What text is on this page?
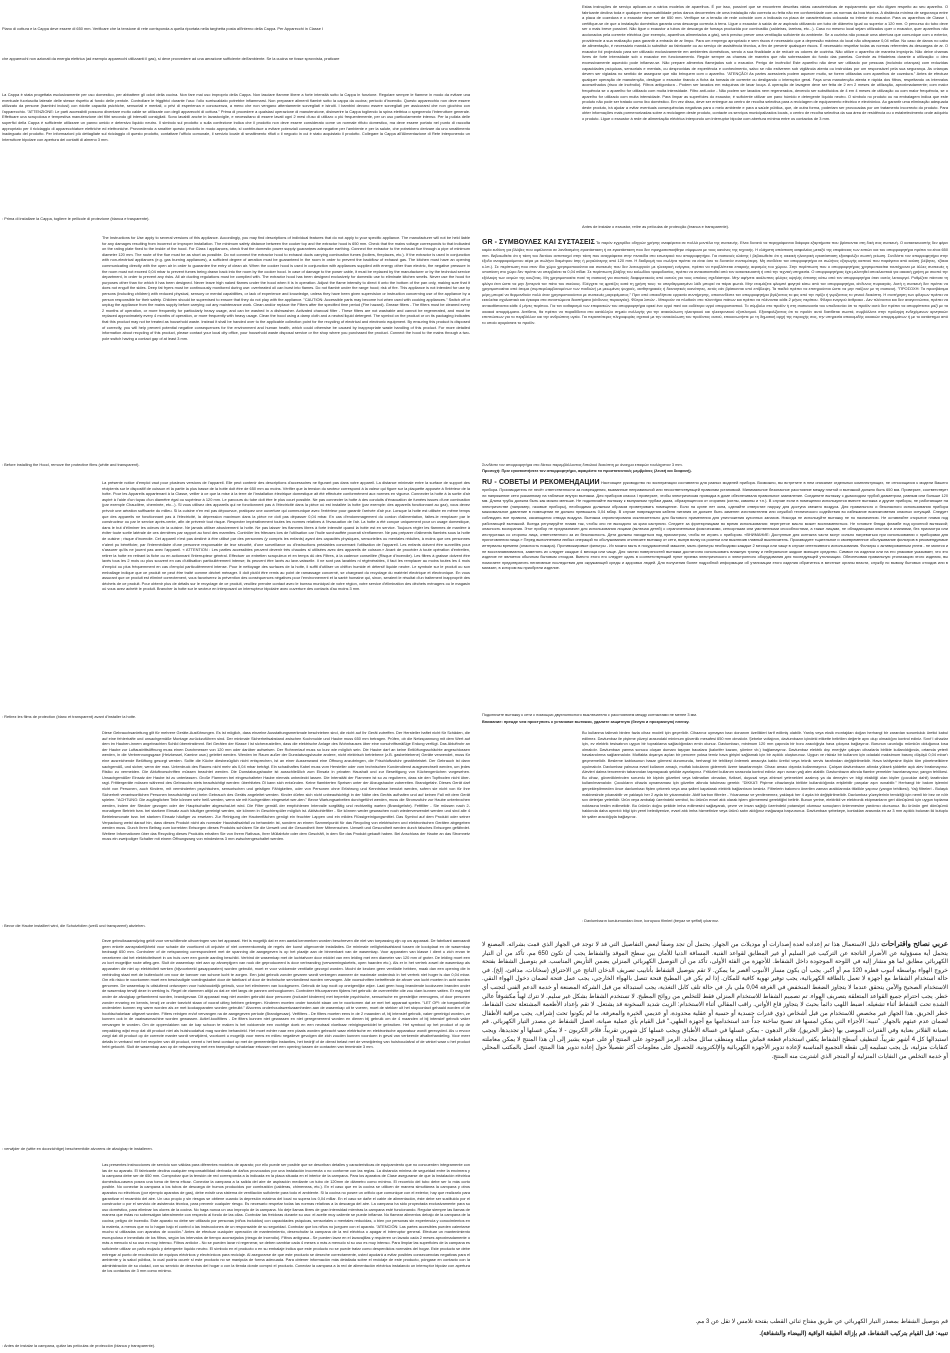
Piano di cottura e la Cappa deve essere di 650 mm. Verificare che la tensione di rete corrisponda a quella riportata nella targhetta posta all'interno della Cappa. Per Apparecchi in Classe I

che apparecchi non azionati da energia elettrica (ad esempio apparecchi utilizzanti il gas), si deve provvedere ad una aerazione sufficiente dell'ambiente. Se la cucina ne fosse sprovvista, praticare

La Cappa è stata progettata esclusivamente per uso domestico, per abbattere gli odori della cucina. Non fare mai uso improprio della Cappa. Non lasciare fiamme libere a forte intensità sotto la Cappa in funzione. Regolare sempre le fiamme in modo da evitare una eventuale fuoriuscita laterale delle stesse rispetto al fondo delle pentole. Controllare le friggitrici durante l'uso: l'olio surriscaldato potrebbe infiammarsi. Non preparare alimenti flambé sotto la cappa da cucina; pericolo d'incendio. Questo apparecchio non deve essere utilizzato da persone (bambini inclusi) con ridotte capacità psichiche, sensoriali e mentali, o privi di esperienza e conoscenza, a meno che non vengano attentamente sorvegliati e istruiti. I bambini devono essere sorvegliati per assicurarsi che non giochino con l'apparecchio. "ATTENZIONE: Le parti accessibili possono diventare molto calde se utilizzate con degli apparecchi di cottura." Prima di procedere a qualsiasi operazione di manutenzione, disinserire la Cappa togliendo la spina elettrica o spegnendo l'interruttore generale. Effettuare una scrupolosa e tempestiva manutenzione dei filtri secondo gli intervalli consigliati. Sono lavabili anche in lavastoviglie, e necessitano di essere lavati ogni 2 mesi d'uso di utilizzo o più frequentemente, per un uso particolarmente intenso. Per la pulizia delle superfici della Cappa è sufficiente utilizzare un panno umido e detersivo liquido neutro. Il simbolo sul prodotto o sulla confezione indica che il prodotto non deve essere considerato come un normale rifiuto domestico, ma deve essere portato nel punto di raccolta appropriato per il riciclaggio di apparecchiature elettriche ed elettroniche. Provvedendo a smaltire questo prodotto in modo appropriato, si contribuisce a evitare potenziali conseguenze negative per l'ambiente e per la salute, che potrebbero derivare da uno smaltimento inadeguato del prodotto. Per informazioni più dettagliate sul riciclaggio di questo prodotto, contattare l'ufficio comunale, il servizio locale di smaltimento rifiuti o il negozio in cui è stato acquistato il prodotto. Collegare la Cappa all'Alimentazione di Rete interponendo un Interruttore bipolare con apertura dei contatti di almeno 3 mm.

: Prima di installare la Cappa, togliere le pellicole di protezione (bianca e trasparente).

The Instructions for Use apply to several versions of this appliance. Accordingly, you may find descriptions of individual features that do not apply to your specific appliance. The manufacturer will not be held liable for any damages resulting from incorrect or improper installation. The minimum safety distance between the cooker top and the extractor hood is 650 mm. Check that the mains voltage corresponds to that indicated on the rating plate fixed to the inside of the hood. For Class I appliances, check that the domestic power supply guarantees adequate earthing. Connect the extractor to the exhaust flue through a pipe of minimum diameter 120 mm. The route of the flue must be as short as possible. Do not connect the extractor hood to exhaust ducts carrying combustion fumes (boilers, fireplaces, etc.). If the extractor is used in conjunction with non-electrical appliances (e.g. gas burning appliances), a sufficient degree of aeration must be guaranteed in the room in order to prevent the backflow of exhaust gas. The kitchen must have an opening communicating directly with the open air in order to guarantee the entry of clean air. When the cooker hood is used in conjunction with appliances supplied with energy other than electric, the negative pressure in the room must not exceed 0,04 mbar to prevent fumes being drawn back into the room by the cooker hood. In case of damage to the power cable, it must be replaced by the manufacturer or by the technical service department, in order to prevent any risks. All air ducting regulations must be complied with. The extractor hood has been designed exclusively for domestic use to eliminate kitchen smells. Never use the hood for purposes other than for which it has been designed. Never leave high naked flames under the hood when it is in operation. Adjust the flame intensity to direct it onto the bottom of the pan only, making sure that it does not engulf the sides. Deep fat fryers must be continuously monitored during use: overheated oil can burst into flames. Do not flambè under the range hood; risk of fire. This appliance is not intended for use by persons (including children) with reduced physical, sensory or mental capabilities, or lack of experience and knowledge, unless they have been given supervision or instruction concerning use of the appliance by a person responsible for their safety. Children should be supervised to ensure that they do not play with the appliance. "CAUTION: Accessible parts may become hot when used with cooking appliances." Switch off or unplug the appliance from the mains supply before carrying out any maintenance work. Clean and/or replace the Filters after the specified time period (Fire hazard). Grease filters - The filters must be cleaned every 2 months of operation, or more frequently for particularly heavy usage, and can be washed in a dishwasher. Activated charcoal filter - These filters are not washable and cannot be regenerated, and must be replaced approximately every 4 months of operation, or more frequently with heavy usage. Clean the hood using a damp cloth and a neutral liquid detergent. The symbol on the product or on its packaging indicates that this product may not be treated as household waste. Instead it shall be handed over to the applicable collection point for the recycling of electrical and electronic equipment. By ensuring this product is disposed of correctly, you will help prevent potential negative consequences for the environment and human health, which could otherwise be caused by inappropriate waste handling of this product. For more detailed information about recycling of this product, please contact your local city office, your household waste disposal service or the shop where you purchased the product. Connect the hood to the mains through a two-pole switch having a contact gap of at least 3 mm.

: Before installing the Hood, remove the protective films (white and transparent).

La présente notice d'emploi vaut pour plusieurs versions de l'appareil. Elle peut contenir des descriptions d'accessoires ne figurant pas dans votre appareil. La distance minimale entre la surface de support des récipients sur le dispositif de cuisson et la partie la plus basse de la hotte doit être de 650 mm au moins. Vérifier que la tension du secteur correspond à la valeur qui figure sur la plaquette apposée à l'intérieur de la hotte. Pour les Appareils appartenant à la Classe, veiller à ce que la mise à la terre de l'installation électrique domestique ait été effectuée conformément aux normes en vigueur. Connecter la hotte à la sortie d'air aspiré à l'aide d'un tuyau d'un diamètre égal ou supérieur à 120 mm. Le parcours du tube doit être le plus court possible. Ne pas connecter la hotte à des conduits d'évacuation de fumées issues d'une combustion (par exemple Chaudière, cheminée, etc...). Si vous utilisez des appareils qui ne fonctionnent pas à l'électricité dans la pièce où est installée la hotte (par exemple: des appareils fonctionnant au gaz), vous devez prévoir une aération suffisante du milieu. Si la cuisine n'en est pas dépourvue, pratiquez une ouverture qui communique avec l'extérieur pour garantir l'arrivée d'air pur. Lorsque la hotte est utilisée en même temps que des appareils ne fonctionnant pas à l'électricité, la dépression maximum dans la pièce ne doit pas dépasser 0,04 mbar. En cas d'endommagement du cordon d'alimentation, faites-le remplacer par le constructeur ou par le service après-vente, afin de prévenir tout risque. Respecter impérativement toutes les normes relatives à l'évacuation de l'air. La hotte a été conçue uniquement pour un usage domestique, dans le but d'éliminer les odeurs de la cuisine. Ne jamais utiliser abusivement la hotte. Ne pas laisser les flammes libres à forte intensité quand la hotte est en service. Toujours régler les flammes de manière à éviter toute sortie latérale de ces dernières par rapport au fond des marmites. Contrôler les friteuses lors de l'utilisation car l'huile surchauffée pourrait s'enflammer. Ne pas préparer d'aliments flambés sous la hotte de cuisine ; risque d'incendie. Cet appareil n'est pas destiné à être utilisé par des personnes (y compris les enfants) ayant des capacités physiques, sensorielles ou mentales réduites, à moins que ces personnes n'aient pu bénéficier, par l'intermédiaire d'une personne responsable de leur sécurité, d'une surveillance ou d'instructions préalables concernant l'utilisation de l'appareil. Les enfants doivent être surveillés pour s'assurer qu'ils ne jouent pas avec l'appareil. « ATTENTION : Les parties accessibles peuvent devenir très chaudes si utilisées avec des appareils de cuisson.» Avant de procéder à toute opération d'entretien, retirer la hotte en retirant la fiche ou en actionnant l'interrupteur général. Effectuer un entretien scrupuleux et en temps dû des Filtres, à la cadence conseillée (Risque d'incendie). Les filtres à graisse doivent être lavés tous les 2 mois ou plus souvent en cas d'utilisation particulièrement intense; ils peuvent être lavés au lave-vaisselle. Il ne sont pas lavables ni régénérables, il faut les remplacer au moins toutes les 4 mois d'emploi ou plus fréquemment en cas d'emploi particulièrement intense. Pour le nettoyage des surfaces de la hotte, il suffit d'utiliser un chiffon humide et détersif liquide neutre. Le symbole sur le produit ou son emballage indique que ce produit ne peut être traité comme déchet ménager. Il doit plutôt être remis au point de ramassage concerné, se chargeant du recyclage du matériel électrique et électronique. En vous assurant que ce produit est éliminé correctement, vous favoriserez la prévention des conséquences négatives pour l'environnement et la santé humaine qui, sinon, seraient le résultat d'un traitement inapproprié des déchets de ce produit. Pour obtenir plus de détails sur le recyclage de ce produit, veuillez prendre contact avec le bureau municipal de votre région, votre service d'élimination des déchets ménagers ou le magasin où vous avez acheté le produit. Brancher la hotte sur le secteur en interposant un interrupteur bipolaire avec ouverture des contacts d'au moins 3 mm.

: Retirez les films de protection (blanc et transparent) avant d'installer la hotte.

Diese Gebrauchsanleitung gilt für mehrere Geräte-Ausführungen. Es ist möglich, dass einzelne Ausstattungsmerkmale beschrieben sind, die nicht auf Ihr Gerät zutreffen. Der Hersteller haftet nicht für Schäden, die auf eine fehlerhafte und unsachgemäße Montage zurückzuführen sind. Der minimale Sicherheitsabstand zwischen Kochmulde und Haube muss 650 mm betragen. Prüfen, ob die Netzspannung mit dem Wert auf dem im Hauben-innern angebrachten Schild übereinstimmt. Bei Geräten der Klasse I ist sicherzustellen, dass die elektrische Anlage des Wohnhauses über eine vorschriftsmäßige Erdung verfügt. Das Abluftrohr an der Haube zur Luftaustrittsöffnung muss einen Durchmesser von 120 mm oder darüber aufweisen. Der Rohrverlauf muss so kurz wie möglich sein. Die Haube darf an keine Entlüftungsschächte angeschlossen werden, in die Verbrennungsgase (Heizkessel, Kamine usw.) geleitet werden. Werden im Raum außer der Dunstabzugshaube andere, nicht elektrisch betriebene (z.B. gasbetriebene) Geräte verwendet, muss für eine ausreichende Belüftung gesorgt werden. Sollte die Küche diesbezüglich nicht entsprechen, ist an einer Aussenwand eine Öffnung anzubringen, die Frischluftzufuhr gewährleistet. Der Gebrauch ist dann sachgemäß, und sicher, wenn der max. Unterdruck des Raums nicht mehr als 0,04 mbar beträgt. Ein schadhaftes Kabel muss vom Hersteller oder vom technischen Kundendienst ausgewechselt werden, um jedes Risiko zu vermeiden. Die Abluftvorschriften müssen beachtet werden. Die Dunstabzugshaube ist ausschließlich zum Einsatz in privaten Haushalt und zur Beseitigung von Küchengerüchen vorgesehen. Unsachgemäßer Einsatz der Haube ist zu unterlassen. Große Flammen bei eingeschalteter Haube niemals unbedeckt lassen. Die Intensität der Flammen ist so zu regulieren, dass sie den Topfboden nicht über-ragt. Frittiergeräte müssen während des Gebrauchs stets beaufsichtigt werden: überhitztes Öl kann sich entzünden. Keine flambierten Speisen unter der Abzugshaube zubereiten. Brandgefahr. Dieses Gerät darf nicht von Personen, auch Kindern, mit verminderten psychischen, sensorischen und geistigen Fähigkeiten, oder von Personen ohne Erfahrung und Kenntnisse benutzt werden, sofern sie nicht von für ihre Sicherheit verantwortlichen Personen beaufsichtigt und beim Gebrauch des Geräts angeleitet werden. Kinder dürfen sich nicht unbeaufsichtigt in der Nähe des Geräts aufhalten und auf keinen Fall mit dem Gerät spielen. "ACHTUNG: Die zugänglichen Teile können sehr heiß werden, wenn sie mit Kochgeräten eingesetzt wer-den." Bevor Wartungsarbeiten durchgeführt werden, muss die Stromzufuhr zur Haube unterbrochen werden, indem der Stecker gezogen oder der Hauptschalter abgeschal-tet wird. Die Filter gemäß der empfohlenen Intervalle sorgfältig und rechtzeitig warten (Brandgefahr). Fettfilter - Sie müssen nach 2-monatigem Betrieb bzw. bei starkem Einsatz auch häufiger gereinigt werden, sie können in Geschirrspüler möglich ist. Aktivkohlefilter - Sie können weder gewaschen noch wiederverwendet werden und sind alle 4 Betriebsmonate bzw. bei starkem Einsatz häufiger zu ersetzen. Zur Reinigung der Haubenflächen genügt ein feuchter Lappen und ein mildes Flüssigreinigungsmittel. Das Symbol auf dem Produkt oder seiner Verpackung weist darauf hin, dass dieses Produkt nicht als normaler Haushaltsabfall zu behandeln ist, sondern an einem Sammelpunkt für das Recycling von elektrischen und elektronischen Geräten abgegeben werden muss. Durch Ihren Beitrag zum korrekten Entsorgen dieses Produkts schützen Sie die Umwelt und die Gesundheit Ihrer Mitmenschen. Umwelt und Gesundheit werden durch falsches Entsorgen gefährdet. Weitere Informationen über das Recycling dieses Produkts erhalten Sie von Ihrem Rathaus, Ihrer Müllabfuhr oder dem Geschäft, in dem Sie das Produkt gekauft haben. Bei Anschluss der Haube an das Stromnetz muss ein zweipoliger Schalter mit einem Öffnungsweg von mindestens 3 mm zwischengeschaltet werden.

: Bevor die Haube installiert wird, die Schutzfolien (weiß und transparent) abziehen.

Deze gebruiksaanwijzing geldt voor verschillende uitvoeringen van het apparaat. Het is mogelijk dat er een aantal kenmerken worden beschreven die niet van toepassing zijn op uw apparaat. De fabrikant aanvaardt geen enkele aansprakelijkheid voor schade die voortkomt uit onjuiste of niet overeenkomstig de regels der kunst uitgevoerde installaties. De minimale veiligheidsafstand tussen de kookplaat en de wasemkap bedraagt 650 mm. Controleer of de netspanning correspondeert met de spanning die aangegeven is op het plaatje aan de binnenkant van de wasemkap. Voor apparaten van klasse I dient u zich ervan te verzekeren dat het elektriciteitsnet in uw huis over een goede aarding beschikt. Verbind de wasemkap met de luchtafvoer door middel van een leiding met een diameter van 120 mm of groter. De leiding moet een zo kort mogelijke route afleg-gen. Sluit de wasemkap niet aan op afvoerpijpen van rook die geproduceerd is door verbranding (verwarmingsketels, open haarden etc.). Als er in het vertrek zowel de wasemkap als apparaten die niet op elektriciteit werken (bijvoorbeeld gasapparaten) worden gebruikt, moet er voor voldoende ventilatie gezorgd worden. Mocht de keuken geen ventilatie hebben, maak dan een opening die in verbinding staat met de buitenlucht om voor de toevoer van schone lucht te zorgen. Een juist gebruik zonder gevaren wordt verkregen wanneer de maximale onderdruk in het vertrek niet hoger is dan 0,04 mbar. Om elk risico te voorkomen moet een beschadigde voedingskabel door de fabrikant of door de technische servicedienst worden vervangen. Alle voorschriften betreffende de afvoer van lucht moeten in acht worden genomen. De wasemkap is uitsluitend ontworpen voor huishoudelijk gebruik, voor het elimineren van kookgeuren. Gebruik de kap nooit op oneigenlijke wijze. Laat geen hoog brandende kookvuren branden onder de wasemkap terwijl deze in werking is. Regel de vlammen altijd zo dat ze niet langs de pannen omhoogkomen. Controleer frituurpannen tijdens het gebruik: de oververhitte olie zou vlam kunnen vatten. Er mag niet onder de afzuigkap geflambeerd worden, brandgevaar. Dit apparaat mag niet worden gebruikt door personen (inclusief kinderen) met beperkte psychische, sensorische en geestelijke vermogens, of door personen zonder ervaring en kennis, tenzij ze onder toezicht staan of vooraf uitleg hebben gekregen. Kinderen moeten onder toezicht staan om te voorkomen dat ze met het apparaat spelen. "LET OP!: de toegankelijke onderdelen kunnen erg warm worden als ze met kookapparaten worden gebruikt." Alvorens onderhoudswerkzaamheden aan de wasemkap uit te voeren, moet de stekker uit het stopcontact gehaald worden of de hoofdschakelaar uitgezet worden. Filters reinigen en/of vervangen na de aangegeven periode (Brandgevaar). Vetfilters - De filters moeten eens in de 2 maanden of, bij intensief gebruik, vaker gereinigd worden, ze kunnen ook in de vaatwasmachine worden gewassen. Actief-koolfilters - De filters kunnen niet gewassen en niet geregenereerd worden en dienen bij gebruik om de 4 maanden of bij intensief gebruik vaker vervangen te worden. Om de oppervlakken van de kap schoon te maken is het voldoende een vochtige doek en een neutraal vloeibaar reinigingsmiddel te gebruiken. Het symbool op het product of op de verpakking wijst erop dat dit product niet als huishoudafval mag worden behandeld. Het moet echter naar een plaats worden gebracht waar elektrische en elektronische apparatuur wordt gerecycled. Als u ervoor zorgt dat dit product op de correcte manier wordt verwijderd, voorkomt u mogelijk voor mens en milieu negatieve gevolgen die zich zouden kunnen voordoen in geval van verkeerde afvalbehandeling. Voor meer details in verband met het recyclen van dit product, neemt u het best contact op met de gemeentelijke instanties, het bedrijf of de dienst belast met de verwijdering van huishoudafval of de winkel waar u het product hebt gekocht. Sluit de wasemkap aan op de netspanning met een tweepolige schakelaar ertussen met een opening tussen de contacten van tenminste 3 mm.

: verwijder de (witte en doorzichtige) beschermfolie alvorens de afzuigkap te installeren.

Las presentes instrucciones de servicio son válidas para diferentes modelos de aparato; por ello puede ser posible que se describan detalles y características de equipamiento que no concuerden íntegramente con las de su aparato. El fabricante declina cualquier responsabilidad derivada de daños provocados por una instalación incorrecta o no conforme con las reglas. La distancia mínima de seguridad entre la encimera y la campana debe ser de 650 mm. Comprobar que la tensión de red corresponda a la indicada en la placa situada en el interior de la campana. Para los aparatos de Clase asegurarse de que la instalación eléctrica doméstica-casera posea una toma de tierra eficaz. Conectar la campana a la salida del aire de aspiración mediante un tubo de 120mm de diámetro como mínimo. El recorrido del tubo debe ser lo más corto posible. No conectar la campana a los tubos de descarga de humos producidos por combustión (calderas, chimeneas, etc.). En el caso que en la cocina se utilicen de manera simultánea la campana y otros aparatos no eléctricos (por ejemplo aparatos de gas), debe existir una sistema de ventilación suficiente para todo el ambiente. Si la cocina no posee un orificio que comunique con el exterior, hay que realizarlo para garantizar el recambio del aire. Un uso propio y sin riesgos se obtiene cuando la depresión máxima del local no supera los 0,04 mBar. En el caso se dañe el cable de alimentación, éste debe ser sustituido por el constructor o por el servicio de asistencia técnica, para prevenir cualquier riesgo. Es necesario respetar todas las normas relativas a la descarga del aire. La campana ha sido proyectada exclusivamente para su uso doméstico, para eliminar los olores de la cocina. No haga nunca un uso impropio de la campana. No deje llamas libres de gran intensidad mientras la campana esté funcionando. Regular siempre las llamas de manera que éstas no sobresalgan lateralmente con respecto al fondo de las ollas. Controlar las freidoras durante su uso: el aceite muy caliente se puede inflamar. No flamear alimentos debajo de la campana de la cocina; peligro de incendio. Este aparato no debe ser utilizado por personas (niños incluidos) con capacidades psíquicas, sensoriales o mentales reducidas, o bien por personas sin experiencia y conocimientos en la materia, a menos que no lo hagan bajo el control o las instrucciones de un responsable de su seguridad. Controlar que los niños no jueguen con el aparato. "ATENCIÓN: Las partes accesibles pueden calentarse mucho si utilizadas con aparatos de cocción." Antes de efectuar cualquier operación de mantenimiento, desenchufar la campana de la red eléctrica o apagar el interruptor general. Efectuar un mantenimiento escrupuloso e inmediato de los filtros, según los intervalos de tiempo aconsejados (riesgo de incendio). Filtros antigrasa - Se pueden lavar en el lavavajillas y requieren un lavado cada 2 meses aproximadamente o más a menudo si su uso es muy intenso. Filtros antiolor - No se pueden lavar ni regenerar, se deben cambiar cada 4 meses o más a menudo si su uso es muy intenso. Para limpiar las superficies de la campana es suficiente utilizar un paño mojado y detergente líquido neutro. El símbolo en el producto o en su embalaje indica que este producto no se puede tratar como desperdicios normales del hogar. Este producto se debe entregar al punto de recolección de equipos eléctricos y electrónicos para reciclaje. Al asegurarse de que este producto se deseche correctamente, usted ayudará a evitar posibles consecuencias negativas para el ambiente y la salud pública, lo cual podría ocurrir si este producto no se manipula de forma adecuada. Para obtener información más detallada sobre el reciclaje de este producto, póngase en contacto con la administración de su ciudad, con su servicio de desechos del hogar o con la tienda donde compró el producto. Conectar la campana a la red de alimentación eléctrica instalando un interruptor bipolar con apertura de los contactos de 3 mm como mínimo.

: Antes de instalar la campana, quitar las películas de protección (blanca y transparente).

Estas instruções de serviço aplicam-se a vários modelos de aparelhos. É por isso, possível que se encontrem descritas várias características de equipamento que não digam respeito ao seu aparelho. O fabricante declina toda e qualquer responsabilidade pelos danos decorrentes de uma instalação não correcta ou feita não em conformidade com as normas da boa técnica. A distância mínima de segurança entre a placa de cozedura e o exaustor deve ser de 650 mm. Verifique se a tensão de rede coincide com a indicada na placa de características colocada no interior do exaustor. Para os aparelhos de Classe I, certifique-se de que a instalação doméstica garanta uma descarga correcta à terra. Ligue o exaustor à saída de ar aspirado utilizando um tubo de diâmetro igual ou superior a 120 mm. O percurso do tubo deve ser o mais breve possível. Não ligue o exaustor a tubos de descarga de fumaça produzida por combustão (caldeiras, lareiras, etc...). Caso no mesmo local sejam utilizados quer o exaustor, quer aparelhos não accionados pela corrente eléctrica (por exemplo, aparelhos alimentados a gás), será preciso prever uma ventilação suficiente do ambiente. Se a cozinha não possuir uma abertura que comunique com o exterior, providencie a sua realização para garantir a entrada de ar limpo. Para um emprego apropriado e sem riscos é necessário que a depressão máxima do local não ultrapasse 0,04 mBar. No caso de danos no cabo de alimentação, é necessário mandá-lo substituir ao fabricante ou ao serviço de assistência técnica, a fim de prevenir quaisquer riscos. É necessário respeitar todas as normas referentes às descargas de ar. O exaustor foi projectado para ser utilizado exclusivamente em ambientes domésticos, sendo a sua finalidade a de reduzir os odores de cozinha. Não utilize o aparelho de maneira imprópria. Não deixe chamas livres de forte intensidade sob o exaustor em funcionamento. Regule sempre as chamas de maneira que não sobressaiam do fundo das panelas. Controle as fritadeiras durante a utilização: o óleo excessivamente aquecido pode inflamar-se. Não prepare alimentos flamejados sob o exaustor. Perigo de incêndio! Este aparelho não deve ser utilizado por pessoas (incluindo crianças) com reduzidas capacidades psíquicas, sensoriais e mentais, ou desprovidas de experiência e conhecimento, salvo se não estiverem sob vigilância atenta ou instruídas por um responsável pela sua segurança. As crianças devem ser vigiadas no sentido de assegurar que não brinquem com o aparelho. "ATENÇÃO! As partes acessíveis podem aquecer muito, se forem utilizadas com aparelhos de cozedura." Antes de efectuar qualquer operação de manutenção, desligue o exaustor tirando a ficha da tomada de corrente ou desligando o interruptor geral. Faça uma manutenção atenta e rápida dos filtros, respeitando os intervalos aconselhados (risco de incêndio). Filtros antigordura - Podem ser lavados em máquinas de lavar louça. A operação de lavagem deve ser feita de 2 em 2 meses de utilização, aproximadamente; com maior frequência se o aparelho for utilizado com muita intensidade. Filtro anti-odor - Não podem ser lavados nem regenerados, devendo ser substituídos de 4 em 4 meses de utilização ou com maior frequência, se o aparelho for utilizado com muita intensidade. Para limpar as superfícies do exaustor, é suficiente utilizar um pano húmido e detergente líquido neutro. O símbolo no produto ou na embalagem indica que este produto não pode ser tratado como lixo doméstico. Em vez disso, deve ser entregue ao centro de recolha selectiva para a reciclagem de equipamento eléctrico e electrónico. Ao garantir uma eliminação adequada deste produto, irá ajudar a evitar eventuais consequências negativas para o meio ambiente e para a saúde pública, que, de outra forma, poderiam ser provocadas por um tratamento incorrecto do produto. Para obter informações mais pormenorizadas sobre a reciclagem deste produto, contacte os serviços municipalizados locais, o centro de recolha selectiva da sua área de residência ou o estabelecimento onde adquiriu o produto. Ligue o exaustor à rede de alimentação eléctrica interpondo um interruptor bipolar com abertura mínima entre os contactos de 3 mm.

Antes de instalar o exaustor, retire as películas de protecção (branca e transparente).

GR - ΣΥΜΒΟΥΛΕΣ ΚΑΙ ΣΥΣΤΑΣΕΙΣ Το παρόν εγχειρίδιο οδηγιών χρήσης αναφέρεται σε πολλά μοντέλα της συσκευής. Είναι δυνατό να περιγράφονται διάφορα εξαρτήματα που βρίσκονται στη δική σας συσκευή. Ο κατασκευαστής δεν φέρει καμία ευθύνη για βλάβες που οφείλονται σε λανθασμένη εγκατάσταση ή σε εγκατάσταση που δεν πραγματοποιήθηκε σύμφωνα με τους κανόνες της τεχνικής. Η ελάχιστη απόσταση ασφαλείας μεταξύ της επιφάνειας των εστιών και του απορροφητήρα πρέπει να είναι 650 mm. Βεβαιωθείτε ότι η τάση του δικτύου αντιστοιχεί στην τάση που αναγράφεται στην πινακίδα στο εσωτερικό του απορροφητήρα. Για συσκευές κλάσης I βεβαιωθείτε ότι η οικιακή ηλεκτρική εγκατάσταση εξασφαλίζει σωστή γείωση. Συνδέστε τον απορροφητήρα στην έξοδο αναρροφούμενου αέρα με σωλήνα διαμέτρου ίσης ή μεγαλύτερης από 120 mm. Η διαδρομή του σωλήνα πρέπει να είναι όσο το δυνατόν συντομότερη. Μη συνδέετε τον απορροφητήρα σε σωλήνες εξαγωγής καπνού που παράγεται από καύση (λέβητες, τζάκια κ.λπ.). Σε περίπτωση που στον ίδιο χώρο χρησιμοποιούνται και συσκευές που δεν λειτουργούν με ηλεκτρική ενέργεια, πρέπει να προβλέπεται επαρκής αερισμός του χώρου. Στην περίπτωση που ο απορροφητήρας χρησιμοποιείται ταυτόχρονα με άλλες συσκευές η υποπίεση στο χώρο δεν πρέπει να υπερβαίνει τα 0,04 mBar. Σε περίπτωση βλάβης του καλωδίου τροφοδοσίας, πρέπει να αντικατασταθεί από τον κατασκευαστή ή από την τεχνική υπηρεσία. Ο απορροφητήρας έχει μελετηθεί αποκλειστικά για οικιακή χρήση με σκοπό την εξάλειψη των οσμών της κουζίνας. Μη χρησιμοποιείτε ποτέ τη συσκευή για σκοπούς διαφορετικούς από αυτούς για τους οποίους σχεδιάστηκε. Μην αφήνετε ακάλυπτες φλόγες υψηλής έντασης κάτω από τον απορροφητήρα όταν αυτός λειτουργεί. Ρυθμίζετε πάντοτε τη φλόγα έτσι ώστε να μην ξεπερνά τον πάτο του σκεύους. Ελέγχετε τις φριτέζες κατά τη χρήση τους: το υπερθερμασμένο λάδι μπορεί να πάρει φωτιά. Μην ετοιμάζετε φλαμπέ φαγητά κάτω από τον απορροφητήρα, κίνδυνος πυρκαγιάς. Αυτή η συσκευή δεν πρέπει να χρησιμοποιείται από άτομα (συμπεριλαμβανομένων των παιδιών) με μειωμένες ψυχικές, αισθητηριακές ή διανοητικές ικανότητες, εκτός εάν βρίσκονται υπό επίβλεψη. Τα παιδιά πρέπει να επιτηρούνται ώστε να μην παίζουν με τη συσκευή. "ΠΡΟΣΟΧΗ: Τα προσβάσιμα μέρη μπορεί να θερμανθούν πολύ όταν χρησιμοποιούνται με συσκευές μαγειρέματος." Πριν από οποιαδήποτε εργασία συντήρησης, αποσυνδέστε τον απορροφητήρα βγάζοντας το φις από την πρίζα ή γυρίζοντας το γενικό διακόπτη. Η συντήρηση των φίλτρων πρέπει να εκτελείται σχολαστικά και έγκαιρα στα συνιστώμενα διαστήματα (κίνδυνος πυρκαγιάς). Φίλτρα λιπών - Μπορούν να πλυθούν στο πλυντήριο πιάτων και πρέπει να πλένονται κάθε 2 μήνες περίπου. Φίλτρα ενεργού άνθρακα - Δεν πλένονται και δεν αναγεννώνται, πρέπει να αντικαθίστανται κάθε 4 μήνες περίπου. Για τον καθαρισμό των επιφανειών του απορροφητήρα αρκεί ένα υγρό πανί και ουδέτερο υγρό απορρυπαντικό. Το σύμβολο στο προϊόν ή στη συσκευασία του υποδεικνύει ότι το προϊόν αυτό δεν πρέπει να απορρίπτεται μαζί με τα οικιακά απορρίμματα. Αντίθετα, θα πρέπει να παραδίδεται στο κατάλληλο σημείο συλλογής για την ανακύκλωση ηλεκτρικού και ηλεκτρονικού εξοπλισμού. Εξασφαλίζοντας ότι το προϊόν αυτό διατίθεται σωστά, συμβάλλετε στην πρόληψη ενδεχόμενων αρνητικών επιπτώσεων για το περιβάλλον και την ανθρώπινη υγεία. Για περισσότερες πληροφορίες σχετικά με την ανακύκλωση του προϊόντος αυτού, επικοινωνήστε με τη δημοτική αρχή της περιοχής σας, την υπηρεσία αποκομιδής οικιακών απορριμμάτων ή με το κατάστημα από το οποίο αγοράσατε το προϊόν.

Συνδέστε τον απορροφητήρα στο δίκτυο παρεμβάλλοντας διπολικό διακόπτη με άνοιγμα επαφών τουλάχιστον 3 mm.

Προσοχή: Πριν εγκαταστήσετε τον απορροφητήρα, αφαιρέστε τα προστατευτικές μεμβράνες (λευκή και διαφανή).

RU - СОВЕТЫ И РЕКОМЕНДАЦИИ Настоящее руководство по эксплуатации составлено для разных моделей прибора. Возможно, вы встретите в нем описание отдельных комплектующих, не относящихся к модели Вашего прибора. Производитель не несёт ответственности за повреждения, вызванные неправильной или несоответствующей правилам установкой. Минимальное безопасное расстояние между плитой и вытяжкой должно быть 650 мм. Проверьте, соответствует ли напряжение сети указанному на табличке внутри вытяжки. Для приборов класса I проверьте, чтобы электрическая проводка в доме обеспечивала правильное заземление. Соедините вытяжку с дымоходом трубой диаметром, равным или больше 120 мм. Длина трубы должна быть как можно меньше. Не подключайте вытяжку к выпускным трубам дыма, образующегося от сгорания (котлы, камины и т.п.). В случае если в помещении используются вместе вытяжка и другие приборы, не работающие на электричестве (например, газовые приборы), необходимо должным образом проветривать помещение. Если на кухне нет окна, сделайте отверстие наружу для доступа свежего воздуха. Для правильного и безопасного использования прибора максимальное давление в помещении не должно превышать 0,04 мбар. В случае повреждения кабеля питания он должен быть заменен изготовителем или службой технического содействия во избежание возникновения опасных ситуаций. Следует соблюдать все правила, касающиеся отвода воздуха. Вытяжка спроектирована исключительно для бытового применения для уничтожения кухонных запахов. Никогда не используйте вытяжку не по назначению. Не оставляйте открытое пламя под работающей вытяжкой. Всегда регулируйте пламя так, чтобы оно не выходило за края кастрюли. Следите за фритюрницами во время использования: перегретое масло может воспламениться. Не готовьте блюда фламбе под кухонной вытяжкой; опасность возгорания. Этот прибор не предназначен для использования лицами (включая детей) с ограниченными физическими, сенсорными или умственными способностями, а также лицами, не обладающими опытом и знаниями, без присмотра или инструктажа со стороны лица, ответственного за их безопасность. Дети должны находиться под присмотром, чтобы не играть с прибором. «ВНИМАНИЕ: Доступные для контакта части могут сильно нагреваться при использовании с приборами для приготовления пищи.» Перед выполнением любых операций по обслуживанию отключите вытяжку от сети, вынув вилку из розетки или выключив главный выключатель. Производите тщательное и своевременное обслуживание фильтров в рекомендуемые интервалы времени (опасность пожара). Противожировые фильтры - Их можно мыть в посудомоечной машине, мыть фильтры необходимо каждые 2 месяца или чаще в случае интенсивного использования. Фильтры с активированным углем - не моются и не восстанавливаются, заменять их следует каждые 4 месяца или чаще. Для чистки поверхностей вытяжки достаточно использовать влажную тряпку и нейтральное жидкое моющее средство. Символ на изделии или на его упаковке указывает, что это изделие не является обычным бытовым отходом. Вместо этого его следует сдать в соответствующий пункт приема электрического и электронного оборудования для последующей утилизации. Обеспечивая правильную утилизацию этого изделия, вы помогаете предотвратить негативные последствия для окружающей среды и здоровья людей. Для получения более подробной информации об утилизации этого изделия обратитесь в местные органы власти, службу по вывозу бытовых отходов или в магазин, в котором вы приобрели изделие.

Подключите вытяжку к сети с помощью двухполюсного выключателя с расстоянием между контактами не менее 3 мм.

Внимание: прежде чем приступить к установке вытяжки, удалите защитную (белую и прозрачную) пленку.

Bu kullanma talimatı birden fazla cihaz modeli için geçerlidir. Cihazınız uymayan bazı donanım özellikleri tarif edilmiş olabilir. Yanlış veya eksik montajdan doğan herhangi bir zarardan sorumluluk üretici kabul edilmez. Davlumbaz ile pişirme yüzeyi arasındaki minimum güvenlik mesafesi 650 mm olmalıdır. Şebeke voltajının, davlumbazın içindeki etikette belirtilen değerle aynı olup olmadığını kontrol ediniz. Sınıf I cihazlar için, ev elektrik tesisatının uygun bir topraklama sağladığından emin olunuz. Davlumbazı, minimum 120 mm çapında bir boru aracılığıyla hava çıkışına bağlayınız. Borunun uzunluğu mümkün olduğunca kısa olmalıdır. Davlumbazı yanma sonucu oluşan dumanı taşıyan bacalara (kalorifer kazanı, şömine vb.) bağlamayınız. Davlumbaz elektrik dışı enerjiyle çalışan cihazlarla birlikte kullanıldığında, ortamda yeterli havalandırma sağlanmalıdır. Mutfakta dışarıya açılan bir pencere yoksa temiz hava girişini sağlamak için bir açıklık oluşturunuz. Uygun ve risksiz bir kullanım için odadaki maksimum basınç düşüşü 0,04 mbar'ı geçmemelidir. Besleme kablosunun hasar görmesi durumunda, herhangi bir tehlikeyi önlemek amacıyla kablo üretici veya teknik servis tarafından değiştirilmelidir. Hava tahliyesine ilişkin tüm yönetmeliklere uyulmalıdır. Davlumbaz yalnızca evsel kullanım amaçlı, mutfak kokularını gidermek üzere tasarlanmıştır. Cihazı amacı dışında kullanmayınız. Çalışan davlumbazın altında yüksek şiddette açık alev bırakmayınız. Alevleri daima tencerenin tabanından taşmayacak şekilde ayarlayınız. Fritözleri kullanım sırasında kontrol ediniz: aşırı ısınan yağ alev alabilir. Davlumbazın altında flambe yemekler hazırlamayınız; yangın tehlikesi. Bu cihaz, güvenliklerinden sorumlu bir kişinin gözetimi veya talimatları olmadan, fiziksel, duyusal veya zihinsel yetenekleri azalmış ya da deneyim ve bilgi eksikliği olan kişiler (çocuklar dahil) tarafından kullanılmamalıdır. Çocukların cihazla oynamaması için gözetim altında tutulması gerekir. "DİKKAT: Pişirme cihazlarıyla birlikte kullanıldığında erişilebilir parçalar aşırı ısınabilir." Herhangi bir bakım işlemini gerçekleştirmeden önce davlumbazı fişten çekerek veya ana şalteri kapatarak elektrik bağlantısını kesiniz. Filtrelerin bakımını önerilen zaman aralıklarında titizlikle yapınız (yangın tehlikesi). Yağ filtreleri - Bulaşık makinesinde yıkanabilir ve yaklaşık her 2 ayda bir yıkanmalıdır. Aktif karbon filtreler - Yıkanamaz ve yenilenemez, yaklaşık her 4 ayda bir değiştirilmelidir. Davlumbaz yüzeylerinin temizliği için nemli bir bez ve nötr sıvı deterjan yeterlidir. Ürün veya ambalajı üzerindeki sembol, bu ürünün evsel atık olarak işlem görmemesi gerektiğini belirtir. Bunun yerine, elektrikli ve elektronik ekipmanların geri dönüşümü için uygun toplama noktasına teslim edilmelidir. Bu ürünün doğru şekilde imha edilmesini sağlayarak, çevre ve insan sağlığı üzerindeki potansiyel olumsuz sonuçların önlenmesine yardımcı olursunuz. Bu ürünün geri dönüşümü hakkında daha ayrıntılı bilgi için yerel belediyenize, evsel atık imha hizmetinize veya ürünü satın aldığınız mağazaya başvurunuz. Davlumbazı şebekeye, kontakları arasında en az 3 mm açıklık bulunan iki kutuplu bir şalter aracılığıyla bağlayınız.

: Davlumbazın kurulumundan önce, koruyucu filmleri (beyaz ve şeffaf) çıkarınız.

عربي نصائح واقتراحات دليل الاستعمال هذا تم إعداده لعدة إصدارات أو موديلات من الجهاز. يحتمل أن تجد وصفاً لبعض التفاصيل التي قد لا توجد في الجهاز الذي قمت بشرائه. المصنع لا يتحمل أية مسؤولية عن الأضرار الناتجة عن التركيب غير السليم أو غير المطابق لقواعد الفنية. المسافة الدنيا للأمان بين سطح الموقد والشفاط يجب أن تكون 650 مم. تأكد من أن التيار الكهربائي مطابق لما هو مشار إليه في اللوحة الموجودة داخل الشفاط. للأجهزة من الفئة الأولى، تأكد من أن التوصيل الكهربائي المنزلي يضمن التأريض المناسب. قم بتوصيل الشفاط بفتحة خروج الهواء بواسطة أنبوب قطره 120 مم أو أكبر. يجب أن يكون مسار الأنبوب أقصر ما يمكن. لا تقم بتوصيل الشفاط بأنابيب تصريف الدخان الناتج عن الاحتراق (سخانات، مدافئ، إلخ). في حالة استخدام الشفاط مع أجهزة لا تعمل بالطاقة الكهربائية، يجب توفير تهوية كافية للمكان. إذا لم يكن في المطبخ فتحة تتصل بالهواء الخارجي، يجب عمل فتحة لضمان دخول الهواء النقي. الاستخدام الصحيح والآمن يتحقق عندما لا يتجاوز الضغط المنخفض في الغرفة 0,04 ملي بار. في حالة تلف كابل التغذية، يجب استبداله من قبل الشركة المصنعة أو خدمة الدعم الفني لتجنب أي خطر. يجب احترام جميع القواعد المتعلقة بتصريف الهواء. تم تصميم الشفاط للاستخدام المنزلي فقط للتخلص من روائح المطبخ. لا تستخدم الشفاط بشكل غير سليم. لا تترك لهباً مكشوفاً عالي الشدة تحت الشفاط أثناء تشغيله. اضبط اللهب دائماً بحيث لا يتجاوز قاع الأواني. راقب المقالي أثناء الاستخدام: الزيت شديد السخونة قد يشتعل. لا تقم بإعداد الأطعمة المشتعلة تحت الشفاط، خطر الحريق. هذا الجهاز غير مخصص للاستخدام من قبل أشخاص ذوي قدرات جسدية أو حسية أو عقلية محدودة، أو عديمي الخبرة والمعرفة، ما لم يكونوا تحت إشراف. يجب مراقبة الأطفال لضمان عدم عبثهم بالجهاز. "تنبيه: الأجزاء التي يمكن لمسها قد تصبح ساخنة جداً عند استخدامها مع أجهزة الطهي." قبل القيام بأي عملية صيانة، افصل الشفاط عن مصدر التيار الكهربائي. قم بصيانة الفلاتر بعناية وفي الفترات الموصى بها (خطر الحريق). فلاتر الدهون - يمكن غسلها في غسالة الأطباق ويجب غسلها كل شهرين تقريباً. فلاتر الكربون - لا يمكن غسلها أو تجديدها، ويجب استبدالها كل 4 أشهر تقريباً. لتنظيف أسطح الشفاط يكفي استخدام قطعة قماش مبللة ومنظف سائل محايد. الرمز الموجود على المنتج أو على عبوته يشير إلى أن هذا المنتج لا يمكن معاملته كنفايات منزلية، بل يجب تسليمه إلى نقطة التجميع المناسبة لإعادة تدوير الأجهزة الكهربائية والإلكترونية. للحصول على معلومات أكثر تفصيلاً حول إعادة تدوير هذا المنتج، اتصل بالمكتب المحلي أو خدمة التخلص من النفايات المنزلية أو المتجر الذي اشتريت منه المنتج.

قم بتوصيل الشفاط بمصدر التيار الكهربائي عن طريق مفتاح ثنائي القطب بفتحة تلامس لا تقل عن 3 مم.

تنبيه: قبل القيام بتركيب الشفاط، قم بإزالة الطبقة الواقية (البيضاء والشفافة).
